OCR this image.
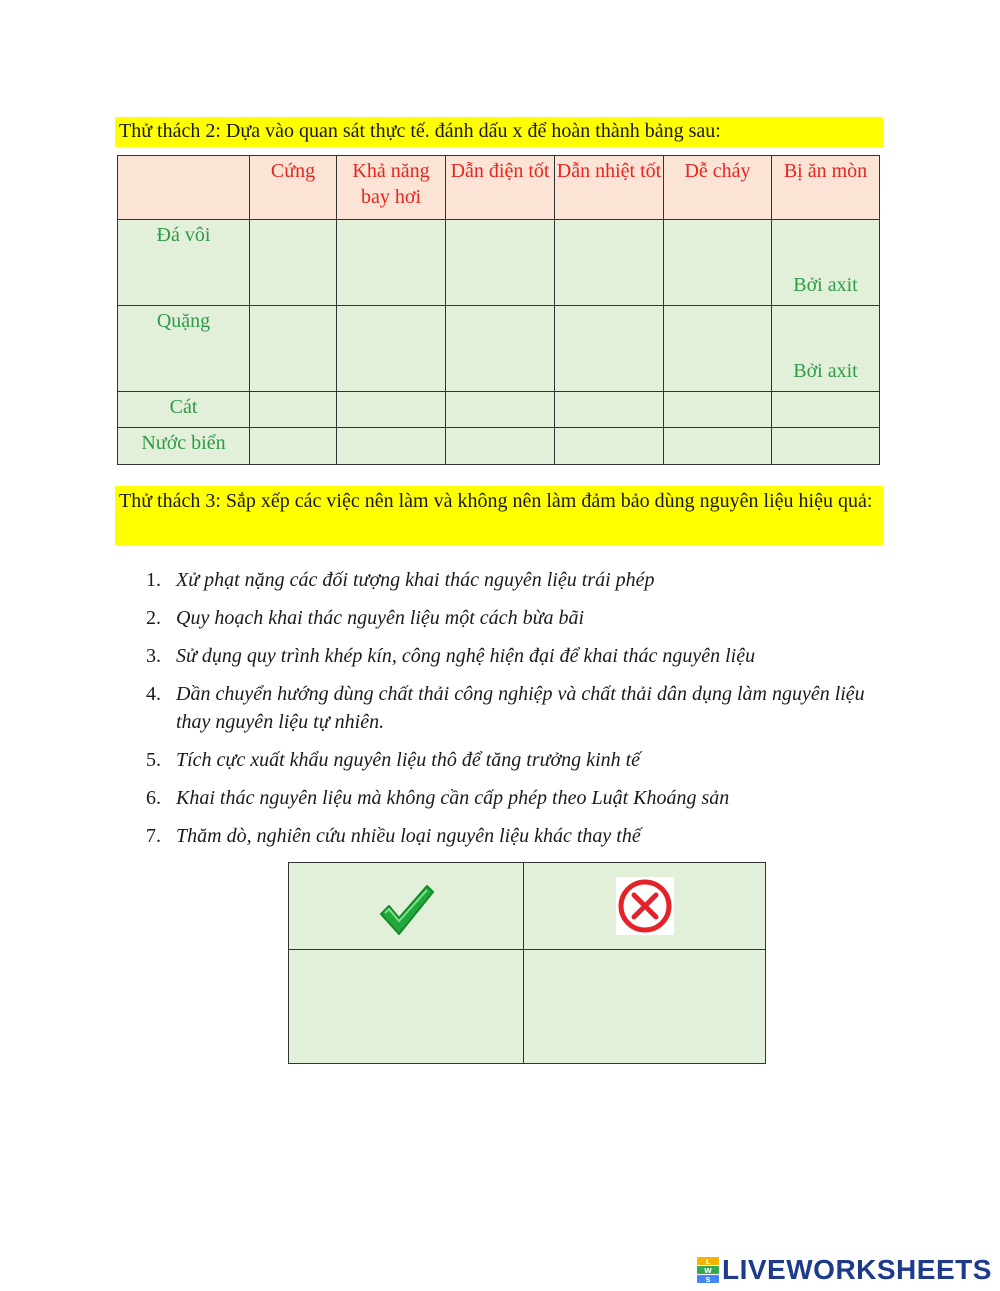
Thử thách 2: Dựa vào quan sát thực tế. đánh dấu x để hoàn thành bảng sau:
	Cứng	Khả năng bay hơi	Dẫn điện tốt	Dẫn nhiệt tốt	Dễ cháy	Bị ăn mòn
Đá vôi						Bởi axit

Quặng						Bởi axit

Cát						
Nước biển						
Thử thách 3: Sắp xếp các việc nên làm và không nên làm đảm bảo dùng nguyên liệu hiệu quả:
1. Xử phạt nặng các đối tượng khai thác nguyên liệu trái phép
2. Quy hoạch khai thác nguyên liệu một cách bừa bãi
3. Sử dụng quy trình khép kín, công nghệ hiện đại để khai thác nguyên liệu
4. Dần chuyển hướng dùng chất thải công nghiệp và chất thải dân dụng làm nguyên liệu thay nguyên liệu tự nhiên.
5. Tích cực xuất khẩu nguyên liệu thô để tăng trưởng kinh tế
6. Khai thác nguyên liệu mà không cần cấp phép theo Luật Khoáng sản
7. Thăm dò, nghiên cứu nhiều loại nguyên liệu khác thay thế

L
W
S LIVEWORKSHEETS
